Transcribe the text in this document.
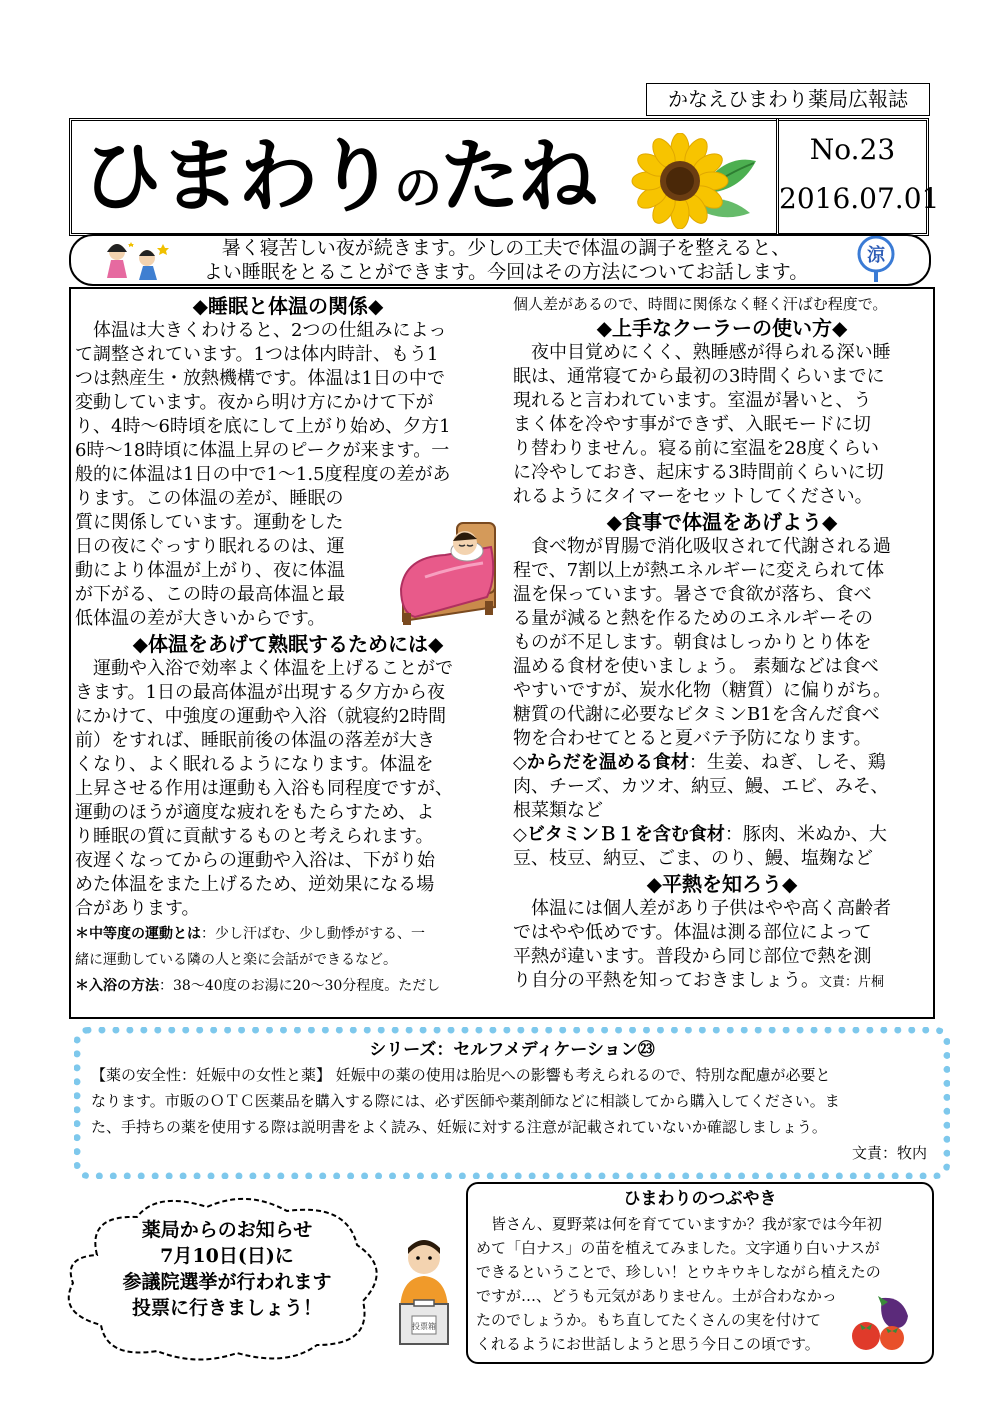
かなえひまわり薬局広報誌
ひまわりのたね	No.23
2016.07.01
暑く寝苦しい夜が続きます。少しの工夫で体温の調子を整えると、
よい睡眠をとることができます。今回はその方法についてお話します。
涼
◆睡眠と体温の関係◆
　体温は大きくわけると、2つの仕組みによっ
て調整されています。1つは体内時計、もう1
つは熱産生・放熱機構です。体温は1日の中で
変動しています。夜から明け方にかけて下が
り、4時～6時頃を底にして上がり始め、夕方1
6時～18時頃に体温上昇のピークが来ます。一
般的に体温は1日の中で1～1.5度程度の差があ
ります。この体温の差が、睡眠の
質に関係しています。運動をした
日の夜にぐっすり眠れるのは、運
動により体温が上がり、夜に体温
が下がる、この時の最高体温と最
低体温の差が大きいからです。
◆体温をあげて熟眠するためには◆
　運動や入浴で効率よく体温を上げることがで
きます。1日の最高体温が出現する夕方から夜
にかけて、中強度の運動や入浴（就寝約2時間
前）をすれば、睡眠前後の体温の落差が大き
くなり、よく眠れるようになります。体温を
上昇させる作用は運動も入浴も同程度ですが、
運動のほうが適度な疲れをもたらすため、よ
り睡眠の質に貢献するものと考えられます。
夜遅くなってからの運動や入浴は、下がり始
めた体温をまた上げるため、逆効果になる場
合があります。
＊中等度の運動とは：少し汗ばむ、少し動悸がする、一
緒に運動している隣の人と楽に会話ができるなど。
＊入浴の方法：38～40度のお湯に20～30分程度。ただし
個人差があるので、時間に関係なく軽く汗ばむ程度で。
◆上手なクーラーの使い方◆
　夜中目覚めにくく、熟睡感が得られる深い睡
眠は、通常寝てから最初の3時間くらいまでに
現れると言われています。室温が暑いと、う
まく体を冷やす事ができず、入眠モードに切
り替わりません。寝る前に室温を28度くらい
に冷やしておき、起床する3時間前くらいに切
れるようにタイマーをセットしてください。
◆食事で体温をあげよう◆
　食べ物が胃腸で消化吸収されて代謝される過
程で、7割以上が熱エネルギーに変えられて体
温を保っています。暑さで食欲が落ち、食べ
る量が減ると熱を作るためのエネルギーその
ものが不足します。朝食はしっかりとり体を
温める食材を使いましょう。 素麺などは食べ
やすいですが、炭水化物（糖質）に偏りがち。
糖質の代謝に必要なビタミンB1を含んだ食べ
物を合わせてとると夏バテ予防になります。
◇からだを温める食材：生姜、ねぎ、しそ、鶏
肉、チーズ、カツオ、納豆、鰻、エビ、みそ、
根菜類など
◇ビタミンＢ１を含む食材：豚肉、米ぬか、大
豆、枝豆、納豆、ごま、のり、鰻、塩麹など
◆平熱を知ろう◆
　体温には個人差があり子供はやや高く高齢者
ではやや低めです。体温は測る部位によって
平熱が違います。普段から同じ部位で熱を測
り自分の平熱を知っておきましょう。文責：片桐
シリーズ：セルフメディケーション㉓
【薬の安全性：妊娠中の女性と薬】 妊娠中の薬の使用は胎児への影響も考えられるので、特別な配慮が必要と
なります。市販のＯＴＣ医薬品を購入する際には、必ず医師や薬剤師などに相談してから購入してください。ま
た、手持ちの薬を使用する際は説明書をよく読み、妊娠に対する注意が記載されていないか確認しましょう。
文責：牧内
薬局からのお知らせ
7月10日(日)に
参議院選挙が行われます
投票に行きましょう！
投票箱
ひまわりのつぶやき
　皆さん、夏野菜は何を育てていますか？我が家では今年初
めて「白ナス」の苗を植えてみました。文字通り白いナスが
できるということで、珍しい！とウキウキしながら植えたの
ですが…、どうも元気がありません。土が合わなかっ
たのでしょうか。もち直してたくさんの実を付けて
くれるようにお世話しようと思う今日この頃です。
